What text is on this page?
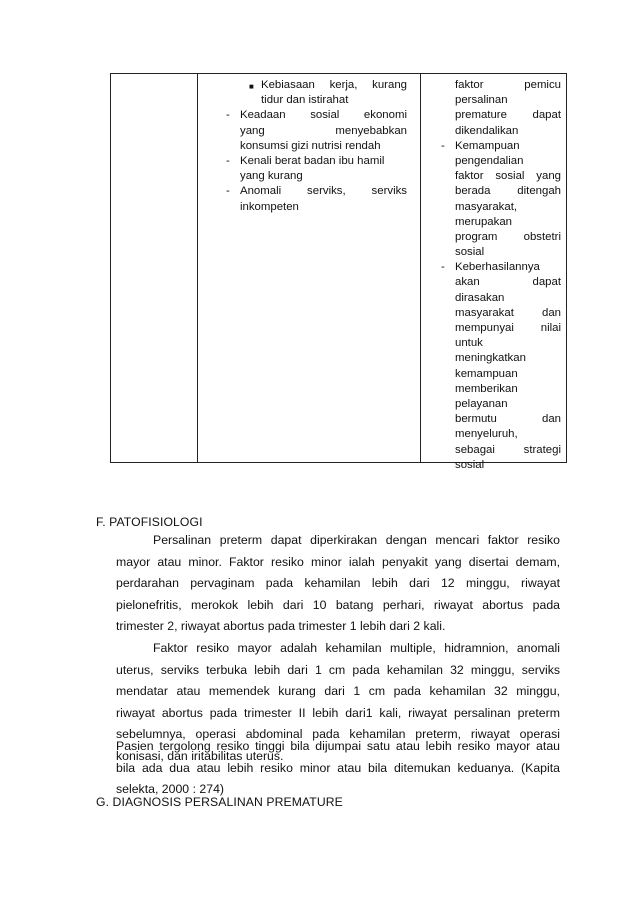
■ Kebiasaan kerja, kurang
tidur dan istirahat
- Keadaan sosial ekonomi
yang menyebabkan
konsumsi gizi nutrisi rendah
- Kenali berat badan ibu hamil
yang kurang
- Anomali serviks, serviks
inkompeten
faktor pemicu
persalinan
premature dapat
dikendalikan
- Kemampuan
pengendalian
faktor sosial yang
berada ditengah
masyarakat,
merupakan
program obstetri
sosial
- Keberhasilannya
akan dapat
dirasakan
masyarakat dan
mempunyai nilai
untuk
meningkatkan
kemampuan
memberikan
pelayanan
bermutu dan
menyeluruh,
sebagai strategi
sosial
F. PATOFISIOLOGI
Persalinan preterm dapat diperkirakan dengan mencari faktor resiko
mayor atau minor. Faktor resiko minor ialah penyakit yang disertai demam,
perdarahan pervaginam pada kehamilan lebih dari 12 minggu, riwayat
pielonefritis, merokok lebih dari 10 batang perhari, riwayat abortus pada
trimester 2, riwayat abortus pada trimester 1 lebih dari 2 kali.
Faktor resiko mayor adalah kehamilan multiple, hidramnion, anomali
uterus, serviks terbuka lebih dari 1 cm pada kehamilan 32 minggu, serviks
mendatar atau memendek kurang dari 1 cm pada kehamilan 32 minggu,
riwayat abortus pada trimester II lebih dari1 kali, riwayat persalinan preterm
sebelumnya, operasi abdominal pada kehamilan preterm, riwayat operasi
konisasi, dan iritabilitas uterus.
Pasien tergolong resiko tinggi bila dijumpai satu atau lebih resiko mayor atau
bila ada dua atau lebih resiko minor atau bila ditemukan keduanya. (Kapita
selekta, 2000 : 274)
G. DIAGNOSIS PERSALINAN PREMATURE
